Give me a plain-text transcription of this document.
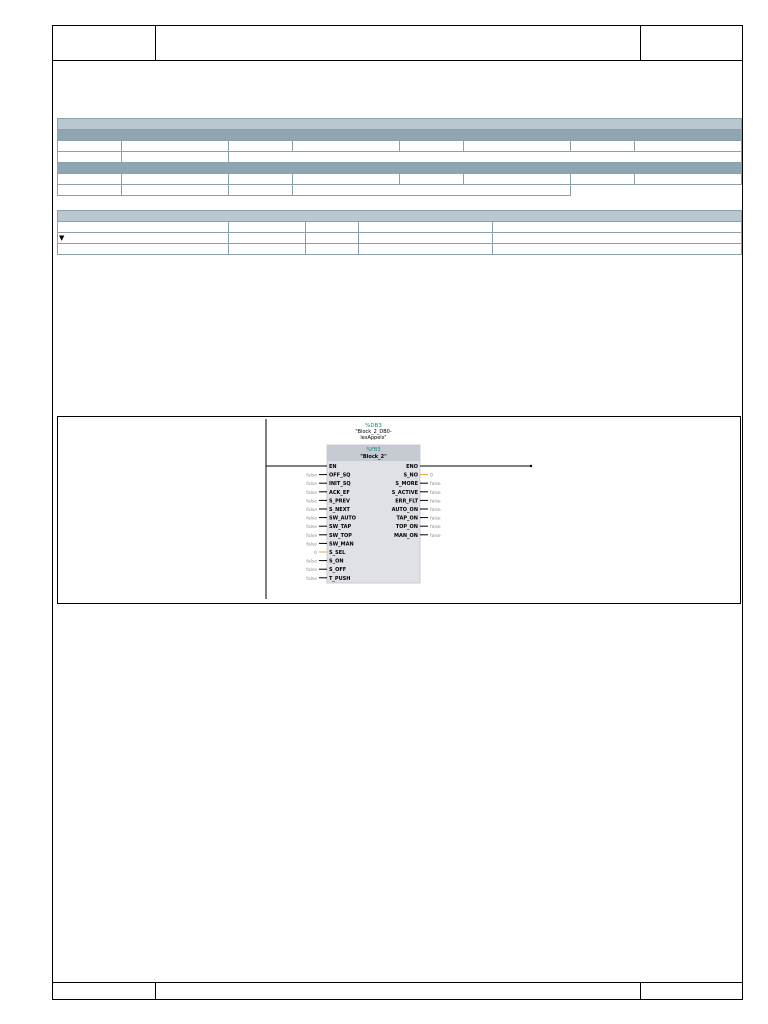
▼				

%DB3
"Block_2_DB0-
lesAppels"
%FB3
"Block_2"
EN	ENO
false OFF_SQ
false INIT_SQ
false ACK_EF
false S_PREV
false S_NEXT
false SW_AUTO
false SW_TAP
false SW_TOP
false SW_MAN
0 S_SEL
false S_ON
false S_OFF
false T_PUSH
0
S_NO
false
S_MORE
false
S_ACTIVE
false
ERR_FLT
false
AUTO_ON
false
TAP_ON
false
TOP_ON
false
MAN_ON
